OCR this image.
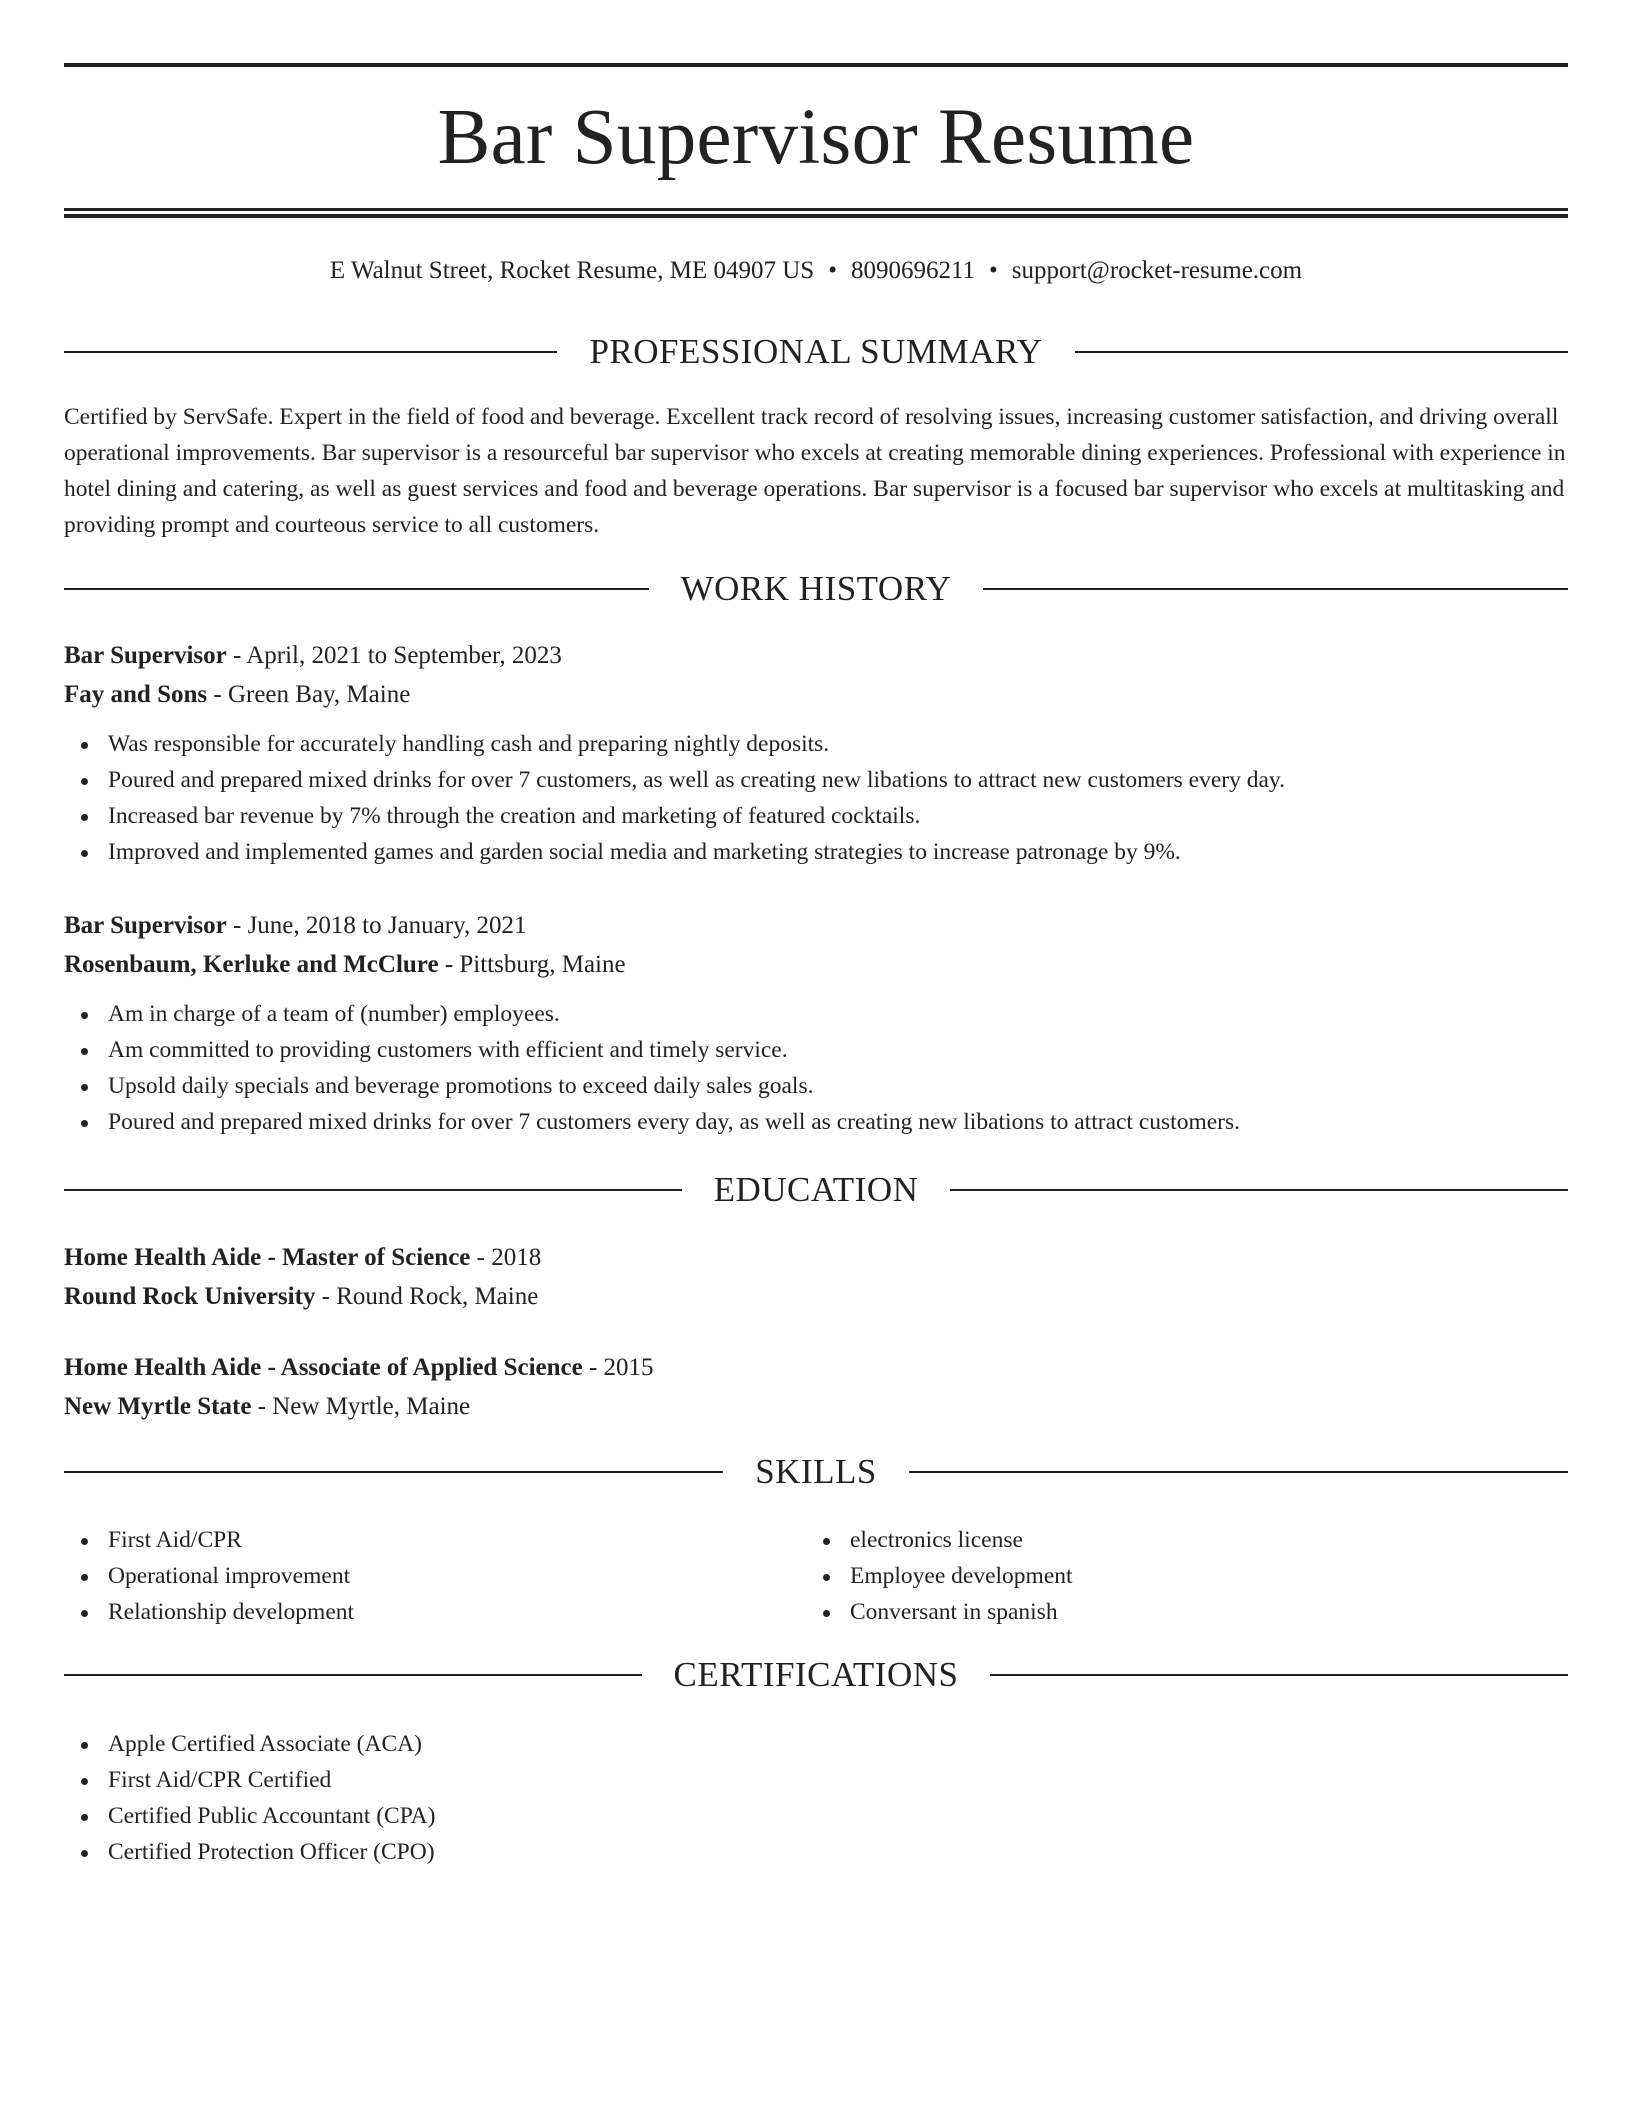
Bar Supervisor Resume
E Walnut Street, Rocket Resume, ME 04907 US • 8090696211 • support@rocket-resume.com
PROFESSIONAL SUMMARY

Certified by ServSafe. Expert in the field of food and beverage. Excellent track record of resolving issues, increasing customer satisfaction, and driving overall operational improvements. Bar supervisor is a resourceful bar supervisor who excels at creating memorable dining experiences. Professional with experience in hotel dining and catering, as well as guest services and food and beverage operations. Bar supervisor is a focused bar supervisor who excels at multitasking and providing prompt and courteous service to all customers.

WORK HISTORY
Bar Supervisor - April, 2021 to September, 2023
Fay and Sons - Green Bay, Maine
Was responsible for accurately handling cash and preparing nightly deposits.
Poured and prepared mixed drinks for over 7 customers, as well as creating new libations to attract new customers every day.
Increased bar revenue by 7% through the creation and marketing of featured cocktails.
Improved and implemented games and garden social media and marketing strategies to increase patronage by 9%.
Bar Supervisor - June, 2018 to January, 2021
Rosenbaum, Kerluke and McClure - Pittsburg, Maine
Am in charge of a team of (number) employees.
Am committed to providing customers with efficient and timely service.
Upsold daily specials and beverage promotions to exceed daily sales goals.
Poured and prepared mixed drinks for over 7 customers every day, as well as creating new libations to attract customers.
EDUCATION
Home Health Aide - Master of Science - 2018
Round Rock University - Round Rock, Maine
Home Health Aide - Associate of Applied Science - 2015
New Myrtle State - New Myrtle, Maine
SKILLS
First Aid/CPR
Operational improvement
Relationship development
electronics license
Employee development
Conversant in spanish
CERTIFICATIONS
Apple Certified Associate (ACA)
First Aid/CPR Certified
Certified Public Accountant (CPA)
Certified Protection Officer (CPO)
